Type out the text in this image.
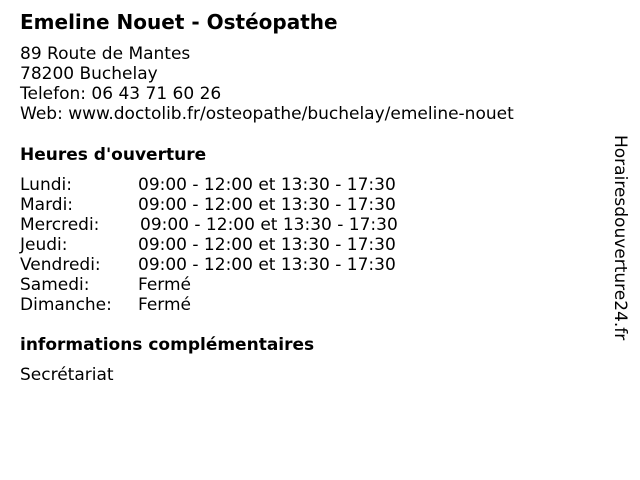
Emeline Nouet - Ostéopathe
89 Route de Mantes
78200 Buchelay
Telefon: 06 43 71 60 26
Web: www.doctolib.fr/osteopathe/buchelay/emeline-nouet
Heures d'ouverture
Lundi:	09:00 - 12:00 et 13:30 - 17:30
Mardi:	09:00 - 12:00 et 13:30 - 17:30
Mercredi: 09:00 - 12:00 et 13:30 - 17:30
Jeudi:	09:00 - 12:00 et 13:30 - 17:30
Vendredi: 09:00 - 12:00 et 13:30 - 17:30
Samedi:	Fermé
Dimanche: Fermé
informations complémentaires
Secrétariat
Horairesdouverture24.fr
